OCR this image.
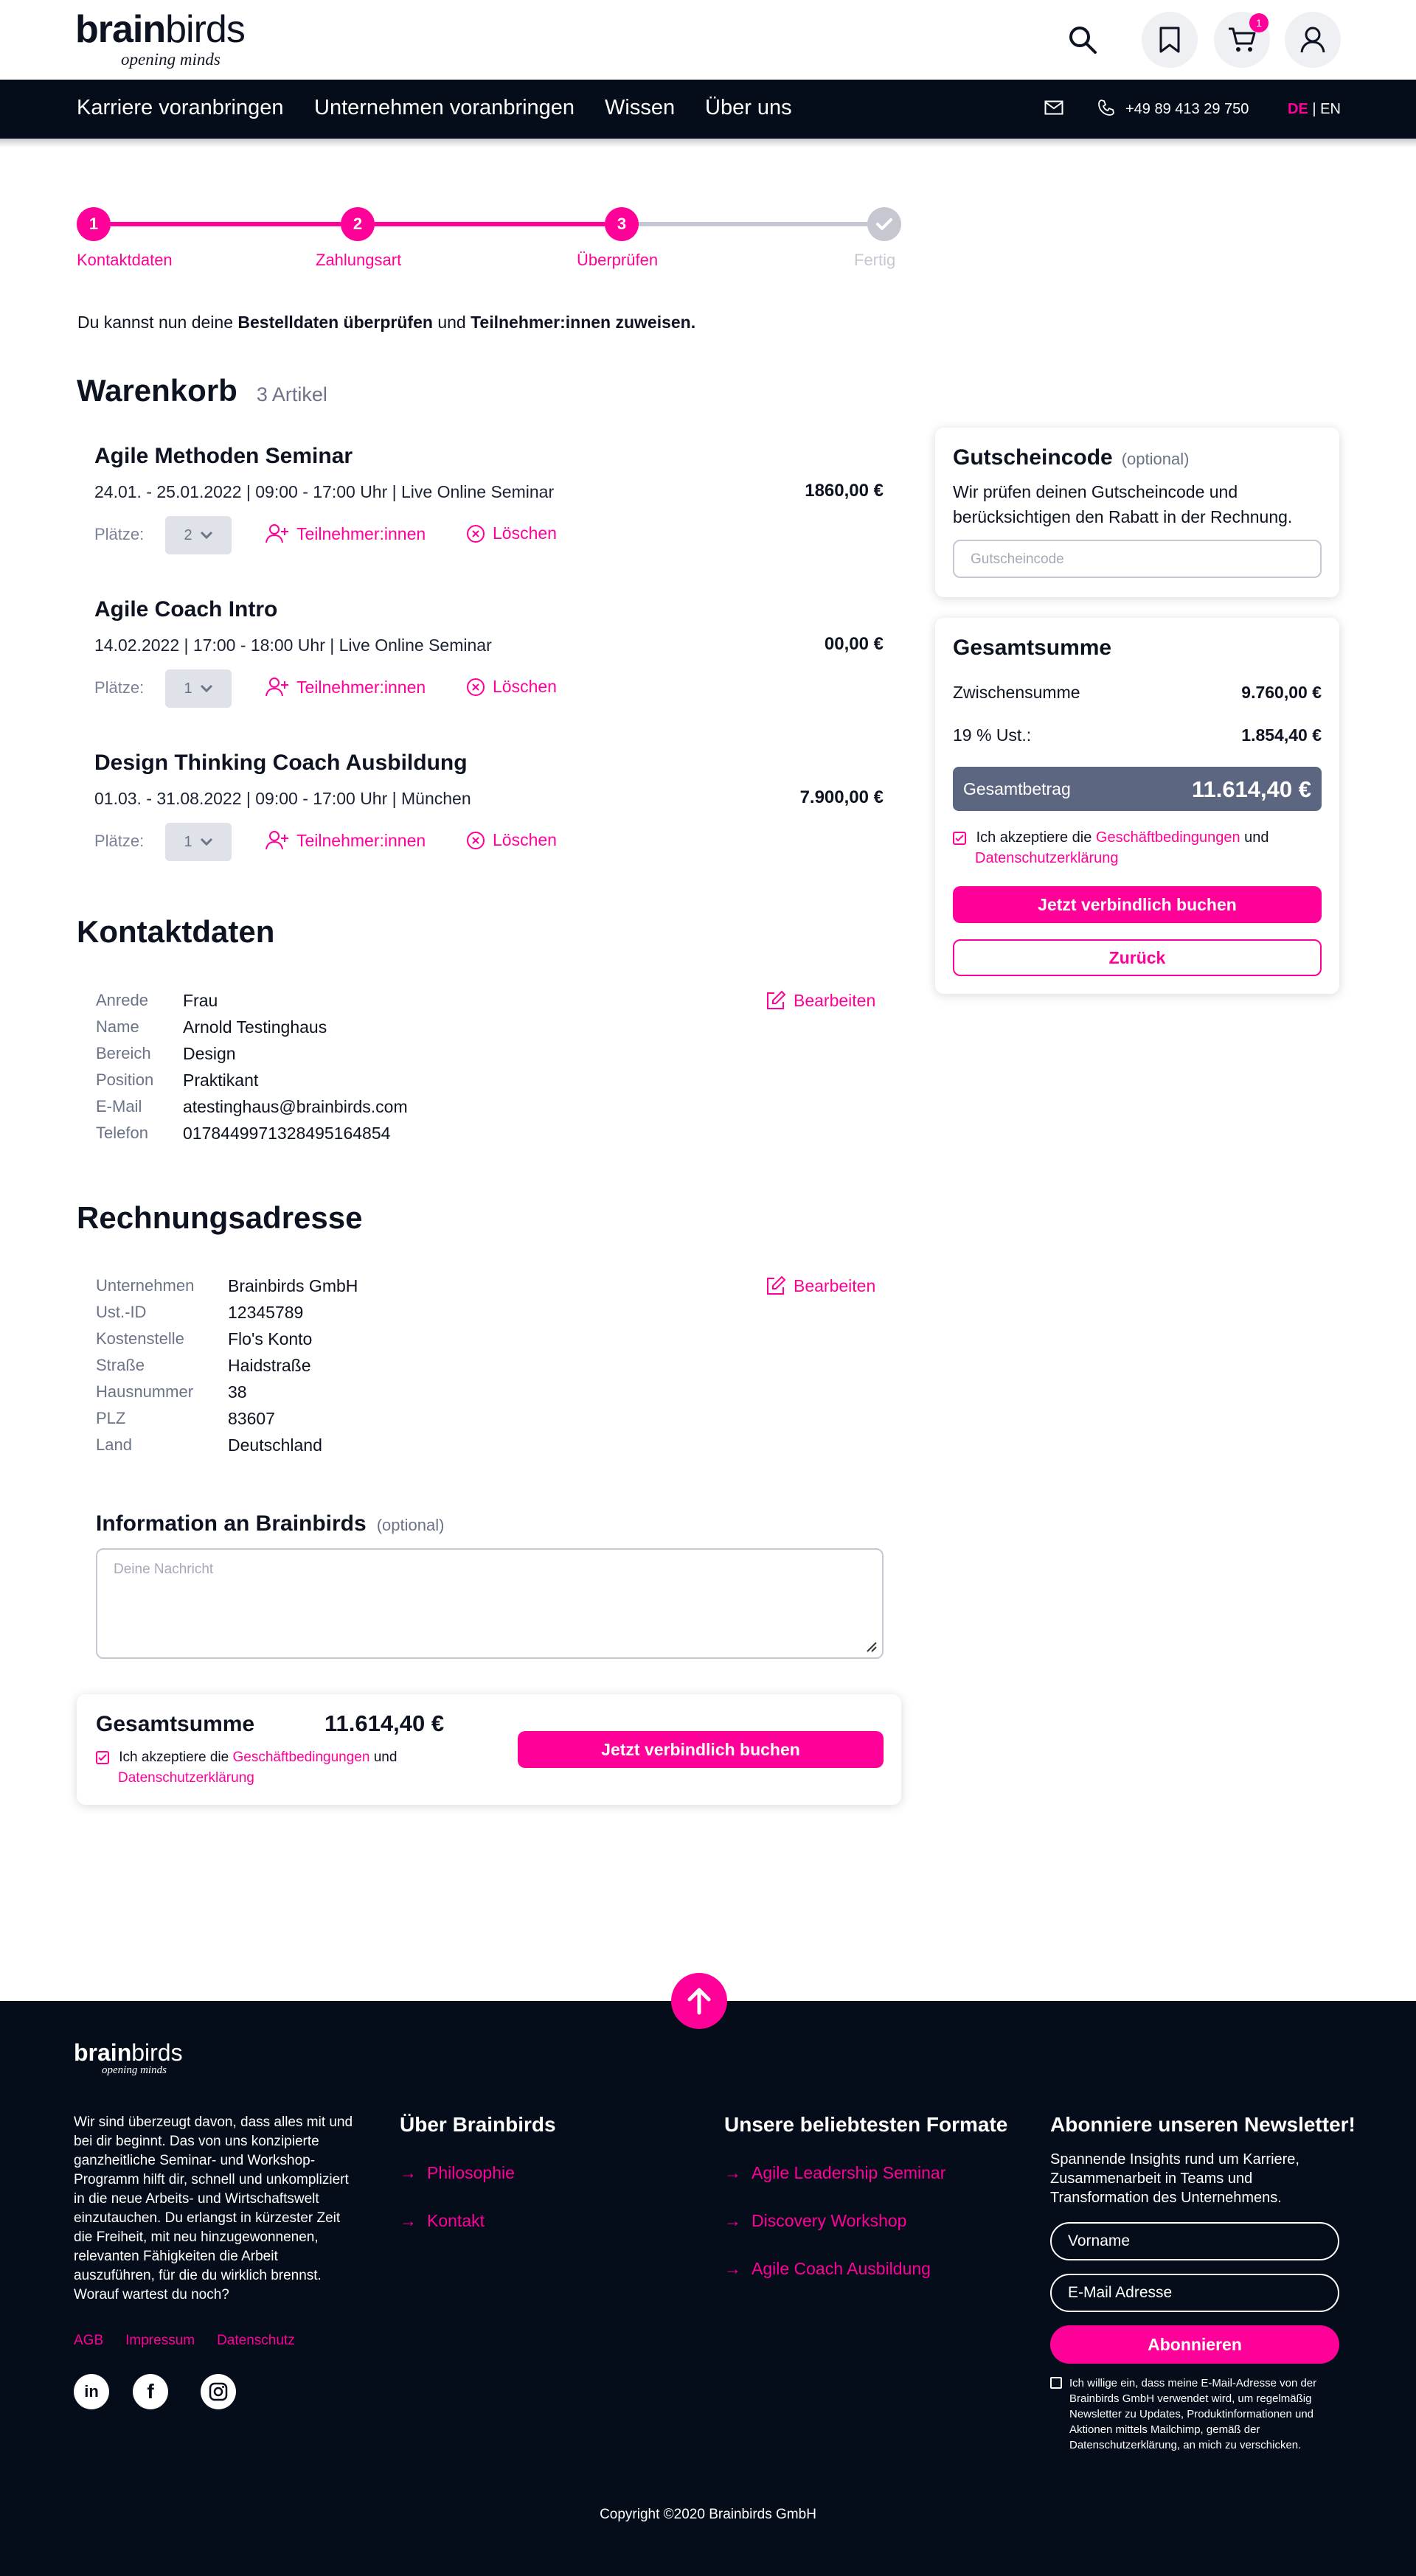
brainbirds
opening minds
1
Karriere voranbringen Unternehmen voranbringen Wissen Über uns	+49 89 413 29 750	DE | EN
1	2	3
Kontaktdaten	Zahlungsart	Überprüfen	Fertig
Du kannst nun deine Bestelldaten überprüfen und Teilnehmer:innen zuweisen.
Warenkorb 3 Artikel
Agile Methoden Seminar
24.01. - 25.01.2022 | 09:00 - 17:00 Uhr | Live Online Seminar	1860,00 €
Plätze:	2	Teilnehmer:innen	Löschen
Agile Coach Intro
14.02.2022 | 17:00 - 18:00 Uhr | Live Online Seminar	00,00 €
Plätze:	1	Teilnehmer:innen	Löschen
Design Thinking Coach Ausbildung
01.03. - 31.08.2022 | 09:00 - 17:00 Uhr | München	7.900,00 €
Plätze:	1	Teilnehmer:innen	Löschen
Kontaktdaten
Bearbeiten
Anrede	Frau
Name	Arnold Testinghaus
Bereich	Design
Position	Praktikant
E-Mail	atestinghaus@brainbirds.com
Telefon	0178449971328495164854
Rechnungsadresse
Bearbeiten
Unternehmen	Brainbirds GmbH
Ust.-ID	12345789
Kostenstelle	Flo's Konto
Straße	Haidstraße
Hausnummer	38
PLZ	83607
Land	Deutschland
Information an Brainbirds (optional)
Deine Nachricht
Gesamtsumme	11.614,40 €
Ich akzeptiere die Geschäftbedingungen und
Datenschutzerklärung
Jetzt verbindlich buchen
Gutscheincode (optional)
Wir prüfen deinen Gutscheincode und berücksichtigen den Rabatt in der Rechnung.
Gutscheincode
Gesamtsumme
Zwischensumme	9.760,00 €
19 % Ust.:	1.854,40 €
Gesamtbetrag	11.614,40 €
Ich akzeptiere die Geschäftbedingungen und
Datenschutzerklärung
Jetzt verbindlich buchen
Zurück
brainbirds
opening minds
Wir sind überzeugt davon, dass alles mit und bei dir beginnt. Das von uns konzipierte ganzheitliche Seminar- und Workshop-Programm hilft dir, schnell und unkompliziert in die neue Arbeits- und Wirtschaftswelt einzutauchen. Du erlangst in kürzester Zeit die Freiheit, mit neu hinzugewonnenen, relevanten Fähigkeiten die Arbeit auszuführen, für die du wirklich brennst. Worauf wartest du noch?
AGB Impressum Datenschutz
in f
Über Brainbirds
→ Philosophie
→ Kontakt
Unsere beliebtesten Formate
→ Agile Leadership Seminar
→ Discovery Workshop
→ Agile Coach Ausbildung
Abonniere unseren Newsletter!
Spannende Insights rund um Karriere, Zusammenarbeit in Teams und Transformation des Unternehmens.
Vorname
E-Mail Adresse
Abonnieren
Ich willige ein, dass meine E-Mail-Adresse von der Brainbirds GmbH verwendet wird, um regelmäßig Newsletter zu Updates, Produktinformationen und Aktionen mittels Mailchimp, gemäß der Datenschutzerklärung, an mich zu verschicken.
Copyright ©2020 Brainbirds GmbH
